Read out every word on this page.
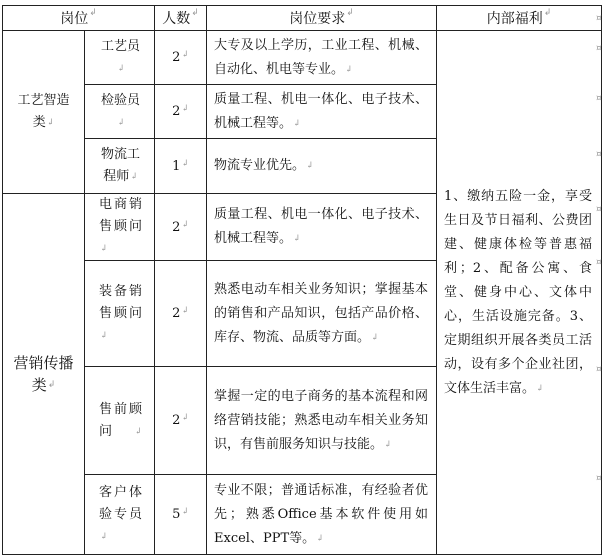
岗位↲		人数↲	岗位要求↲	内部福利↲
工艺智造类↲	工艺员↲	2↲	大专及以上学历，工业工程、机械、自动化、机电等专业。↲	1、缴纳五险一金，享受生日及节日福利、公费团建、健康体检等普惠福利；2、配备公寓、食堂、健身中心、文体中心，生活设施完备。3、定期组织开展各类员工活动，设有多个企业社团，文体生活丰富。↲
	检验员↲	2↲	质量工程、机电一体化、电子技术、机械工程等。↲
	物流工程师↲	1↲	物流专业优先。↲
营销传播类↲	电商销售顾问↲	2↲	质量工程、机电一体化、电子技术、机械工程等。↲
	装备销售顾问↲	2↲	熟悉电动车相关业务知识；掌握基本的销售和产品知识，包括产品价格、库存、物流、品质等方面。↲
	售前顾问↲	2↲	掌握一定的电子商务的基本流程和网络营销技能；熟悉电动车相关业务知识，有售前服务知识与技能。↲
	客户体验专员↲	5↲	专业不限；普通话标准，有经验者优先；熟悉Office基本软件使用如Excel、PPT等。↲
¤
¤
¤
¤
¤
¤
¤
¤
